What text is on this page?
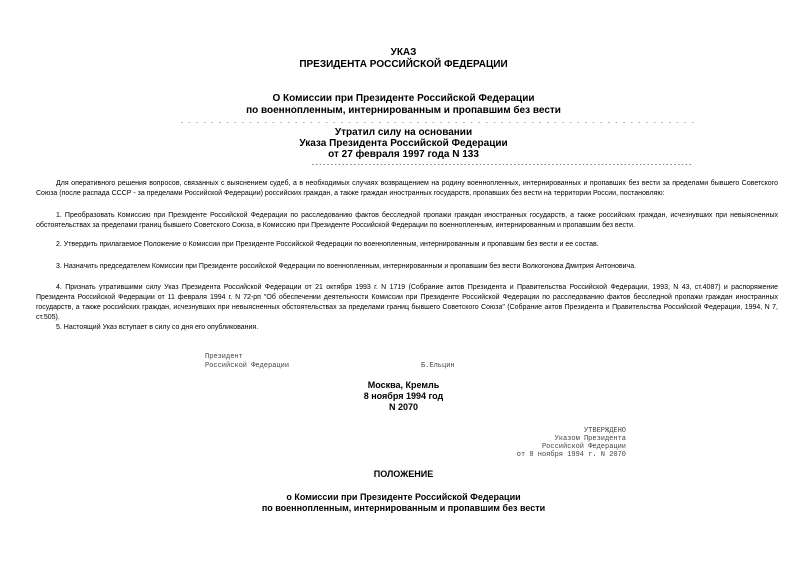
УКАЗ
ПРЕЗИДЕНТА РОССИЙСКОЙ ФЕДЕРАЦИИ
О Комиссии при Президенте Российской Федерации
по военнопленным, интернированным и пропавшим без вести
- - - - - - - - - - - - - - - - - - - - - - - - - - - - - - - - - - - - - - - - - - - - - - - - - - - - - - - - - - - - - - - - - - - -
Утратил силу на основании
Указа Президента Российской Федерации
от 27 февраля 1997 года N 133
----------------------------------------------------------------------------------------------------
Для оперативного решения вопросов, связанных с выяснением судеб, а в необходимых случаях возвращением на родину военнопленных, интернированных и пропавших без вести за пределами бывшего Советского Союза (после распада СССР - за пределами Российской Федерации) российских граждан, а также граждан иностранных государств, пропавших без вести на территории России, постановляю:
1. Преобразовать Комиссию при Президенте Российской Федерации по расследованию фактов бесследной пропажи граждан иностранных государств, а также российских граждан, исчезнувших при невыясненных обстоятельствах за пределами границ бывшего Советского Союза, в Комиссию при Президенте Российской Федерации по военнопленным, интернированным и пропавшим без вести.
2. Утвердить прилагаемое Положение о Комиссии при Президенте Российской Федерации по военнопленным, интернированным и пропавшим без вести и ее состав.
3. Назначить председателем Комиссии при Президенте российской Федерации по военнопленным, интернированным и пропавшим без вести Волкогонова Дмитрия Антоновича.
4. Признать утратившими силу Указ Президента Российской Федерации от 21 октября 1993 г. N 1719 (Собрание актов Президента и Правительства Российской Федерации, 1993, N 43, ст.4087) и распоряжение Президента Российской Федерации от 11 февраля 1994 г. N 72-рп "Об обеспечении деятельности Комиссии при Президенте Российской Федерации по расследованию фактов бесследной пропажи граждан иностранных государств, а также российских граждан, исчезнувших при невыясненных обстоятельствах за пределами границ бывшего Советского Союза" (Собрание актов Президента и Правительства Российской Федерации, 1994, N 7, ст.505).
5. Настоящий Указ вступает в силу со дня его опубликования.
Президент
Российской Федерации	Б.Ельцин
Москва, Кремль
8 ноября 1994 год
N 2070
УТВЕРЖДЕНО
Указом Президента
Российской Федерации
от 8 ноября 1994 г. N 2070
ПОЛОЖЕНИЕ
о Комиссии при Президенте Российской Федерации
по военнопленным, интернированным и пропавшим без вести
